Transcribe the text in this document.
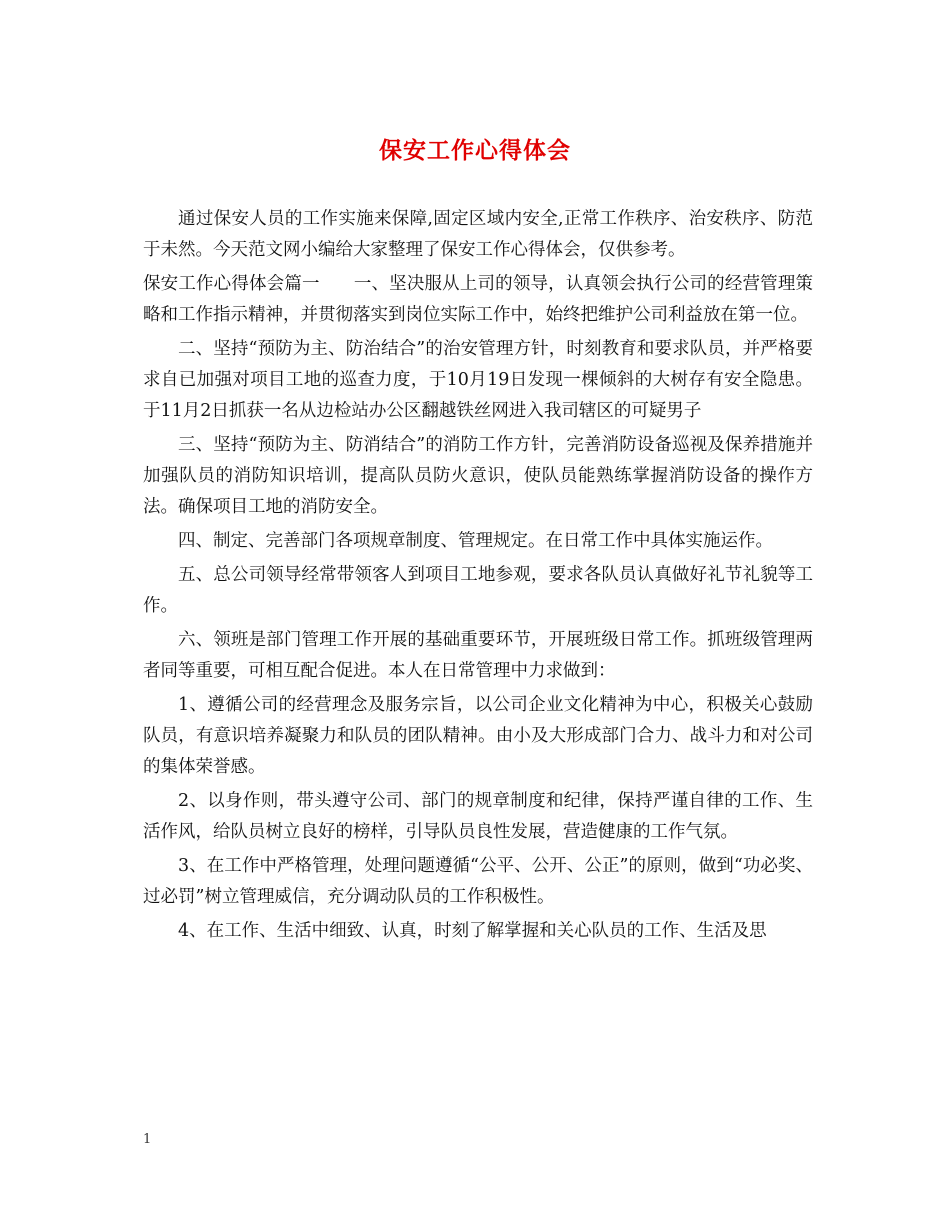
保安工作心得体会

通过保安人员的工作实施来保障,固定区域内安全,正常工作秩序、治安秩序、防范于未然。今天范文网小编给大家整理了保安工作心得体会，仅供参考。

保安工作心得体会篇一 一、坚决服从上司的领导，认真领会执行公司的经营管理策略和工作指示精神，并贯彻落实到岗位实际工作中，始终把维护公司利益放在第一位。

二、坚持“预防为主、防治结合”的治安管理方针，时刻教育和要求队员，并严格要求自已加强对项目工地的巡查力度，于10月19日发现一棵倾斜的大树存有安全隐患。于11月2日抓获一名从边检站办公区翻越铁丝网进入我司辖区的可疑男子

三、坚持“预防为主、防消结合”的消防工作方针，完善消防设备巡视及保养措施并加强队员的消防知识培训，提高队员防火意识，使队员能熟练掌握消防设备的操作方法。确保项目工地的消防安全。

四、制定、完善部门各项规章制度、管理规定。在日常工作中具体实施运作。

五、总公司领导经常带领客人到项目工地参观，要求各队员认真做好礼节礼貌等工作。

六、领班是部门管理工作开展的基础重要环节，开展班级日常工作。抓班级管理两者同等重要，可相互配合促进。本人在日常管理中力求做到：

1、遵循公司的经营理念及服务宗旨，以公司企业文化精神为中心，积极关心鼓励队员，有意识培养凝聚力和队员的团队精神。由小及大形成部门合力、战斗力和对公司的集体荣誉感。

2、以身作则，带头遵守公司、部门的规章制度和纪律，保持严谨自律的工作、生活作风，给队员树立良好的榜样，引导队员良性发展，营造健康的工作气氛。

3、在工作中严格管理，处理问题遵循“公平、公开、公正”的原则，做到“功必奖、过必罚”树立管理威信，充分调动队员的工作积极性。

4、在工作、生活中细致、认真，时刻了解掌握和关心队员的工作、生活及思

1
